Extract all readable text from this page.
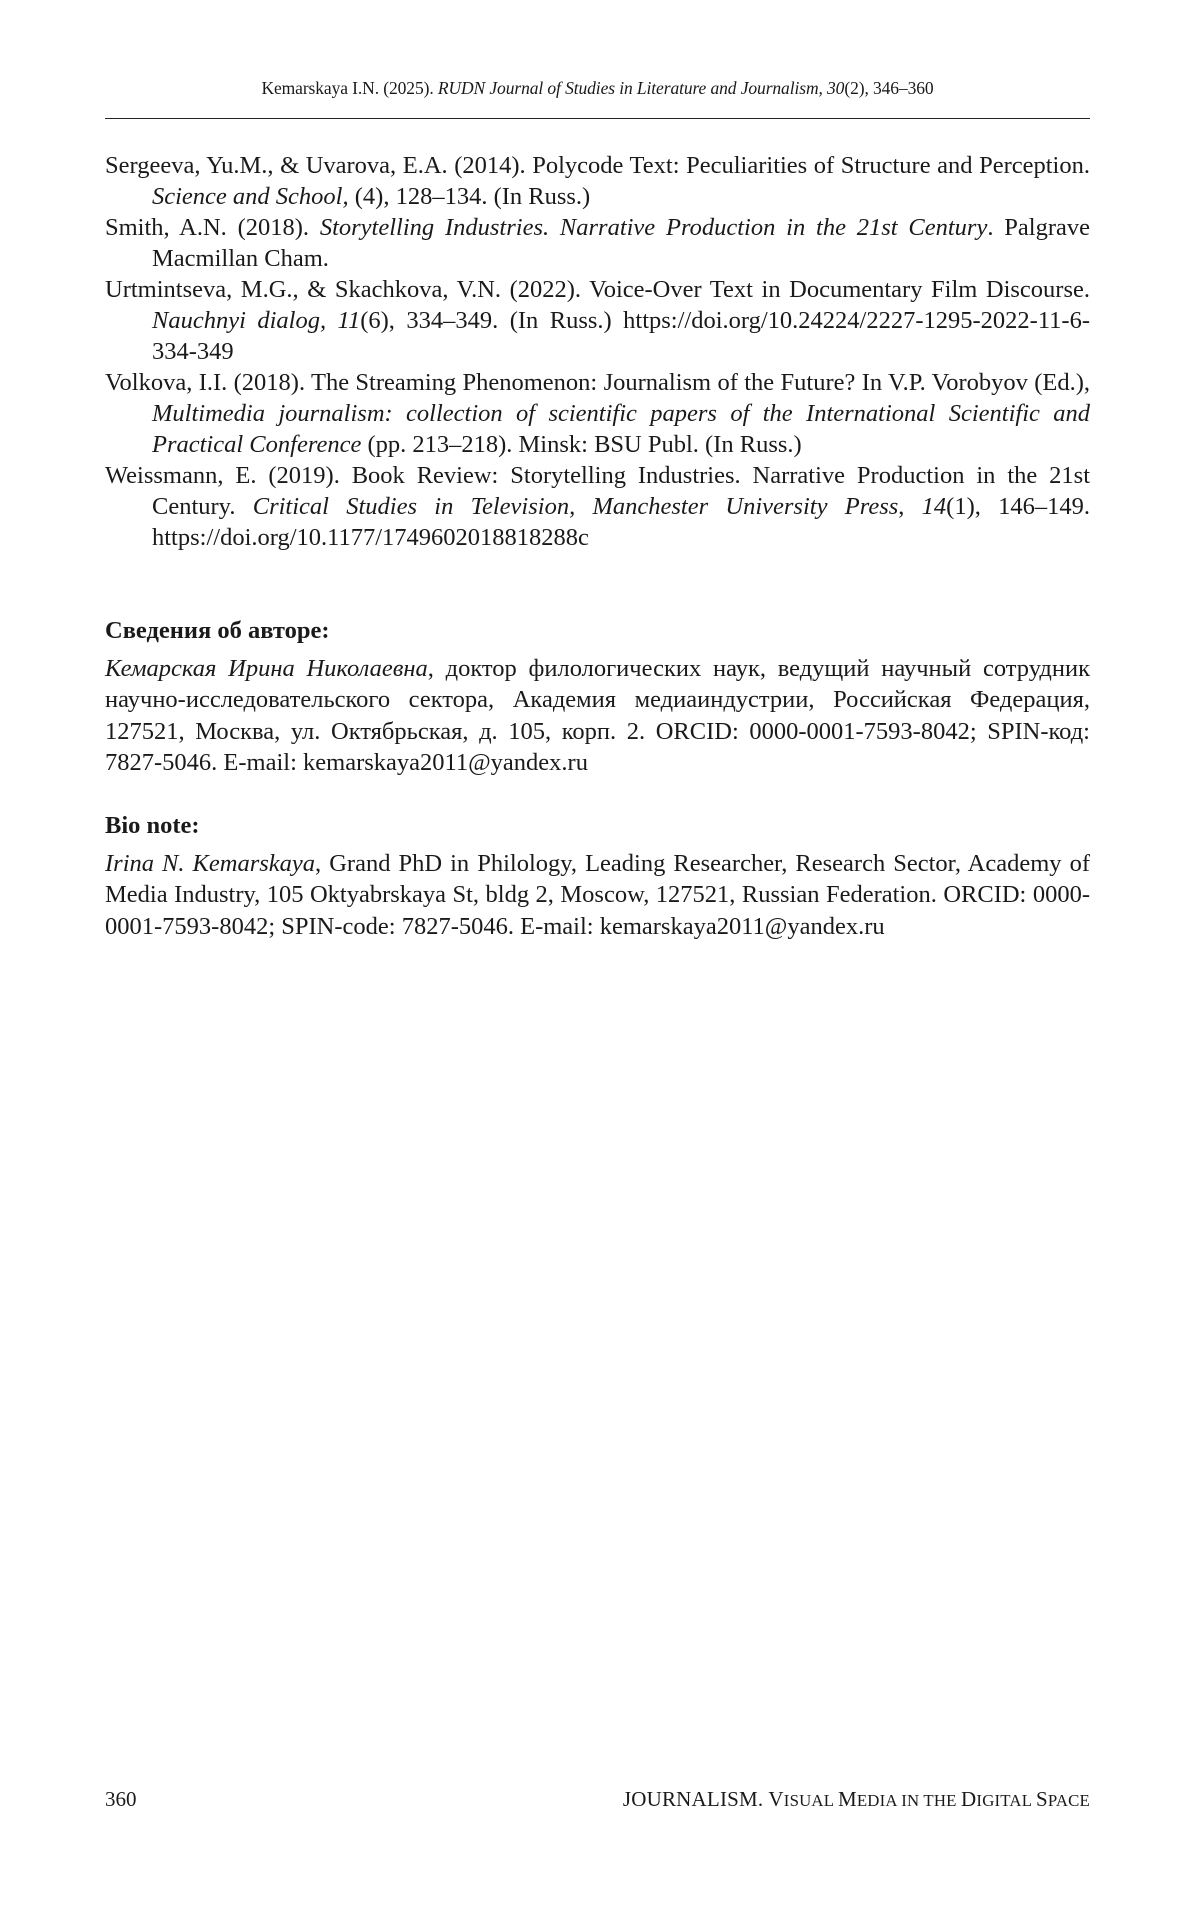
Kemarskaya I.N. (2025). RUDN Journal of Studies in Literature and Journalism, 30(2), 346–360

Sergeeva, Yu.M., & Uvarova, E.A. (2014). Polycode Text: Peculiarities of Structure and Perception. Science and School, (4), 128–134. (In Russ.)

Smith, A.N. (2018). Storytelling Industries. Narrative Production in the 21st Century. Palgrave Macmillan Cham.

Urtmintseva, M.G., & Skachkova, V.N. (2022). Voice-Over Text in Documentary Film Discourse. Nauchnyi dialog, 11(6), 334–349. (In Russ.) https://doi.org/10.24224/2227-1295-2022-11-6-334-349

Volkova, I.I. (2018). The Streaming Phenomenon: Journalism of the Future? In V.P. Vorobyov (Ed.), Multimedia journalism: collection of scientific papers of the International Scientific and Practical Conference (pp. 213–218). Minsk: BSU Publ. (In Russ.)

Weissmann, E. (2019). Book Review: Storytelling Industries. Narrative Production in the 21st Century. Critical Studies in Television, Manchester University Press, 14(1), 146–149. https://doi.org/10.1177/1749602018818288c

Сведения об авторе:

Кемарская Ирина Николаевна, доктор филологических наук, ведущий научный сотрудник научно-исследовательского сектора, Академия медиаиндустрии, Российская Федерация, 127521, Москва, ул. Октябрьская, д. 105, корп. 2. ORCID: 0000-0001-7593-8042; SPIN-код: 7827-5046. E-mail: kemarskaya2011@yandex.ru

Bio note:

Irina N. Kemarskaya, Grand PhD in Philology, Leading Researcher, Research Sector, Academy of Media Industry, 105 Oktyabrskaya St, bldg 2, Moscow, 127521, Russian Federation. ORCID: 0000-0001-7593-8042; SPIN-code: 7827-5046. E-mail: kemarskaya2011@yandex.ru

360	JOURNALISM. VISUAL MEDIA IN THE DIGITAL SPACE
